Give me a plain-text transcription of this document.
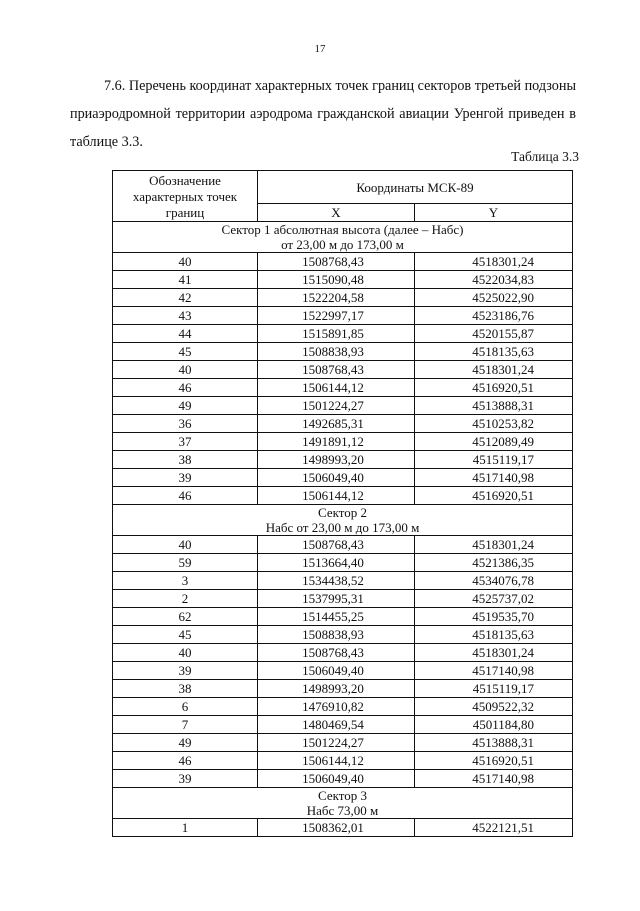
17

7.6. Перечень координат характерных точек границ секторов третьей подзоны приаэродромной территории аэродрома гражданской авиации Уренгой приведен в таблице 3.3.

Таблица 3.3
Обозначение характерных точек границ	Координаты МСК-89	
	X	Y

Сектор 1 абсолютная высота (далее – Набс)
от 23,00 м до 173,00 м		

40	1508768,43	4518301,24
41	1515090,48	4522034,83
42	1522204,58	4525022,90
43	1522997,17	4523186,76
44	1515891,85	4520155,87
45	1508838,93	4518135,63
40	1508768,43	4518301,24
46	1506144,12	4516920,51
49	1501224,27	4513888,31
36	1492685,31	4510253,82
37	1491891,12	4512089,49
38	1498993,20	4515119,17
39	1506049,40	4517140,98
46	1506144,12	4516920,51

Сектор 2
Набс от 23,00 м до 173,00 м		

40	1508768,43	4518301,24
59	1513664,40	4521386,35
3	1534438,52	4534076,78
2	1537995,31	4525737,02
62	1514455,25	4519535,70
45	1508838,93	4518135,63
40	1508768,43	4518301,24
39	1506049,40	4517140,98
38	1498993,20	4515119,17
6	1476910,82	4509522,32
7	1480469,54	4501184,80
49	1501224,27	4513888,31
46	1506144,12	4516920,51
39	1506049,40	4517140,98

Сектор 3
Набс 73,00 м		

1	1508362,01	4522121,51
